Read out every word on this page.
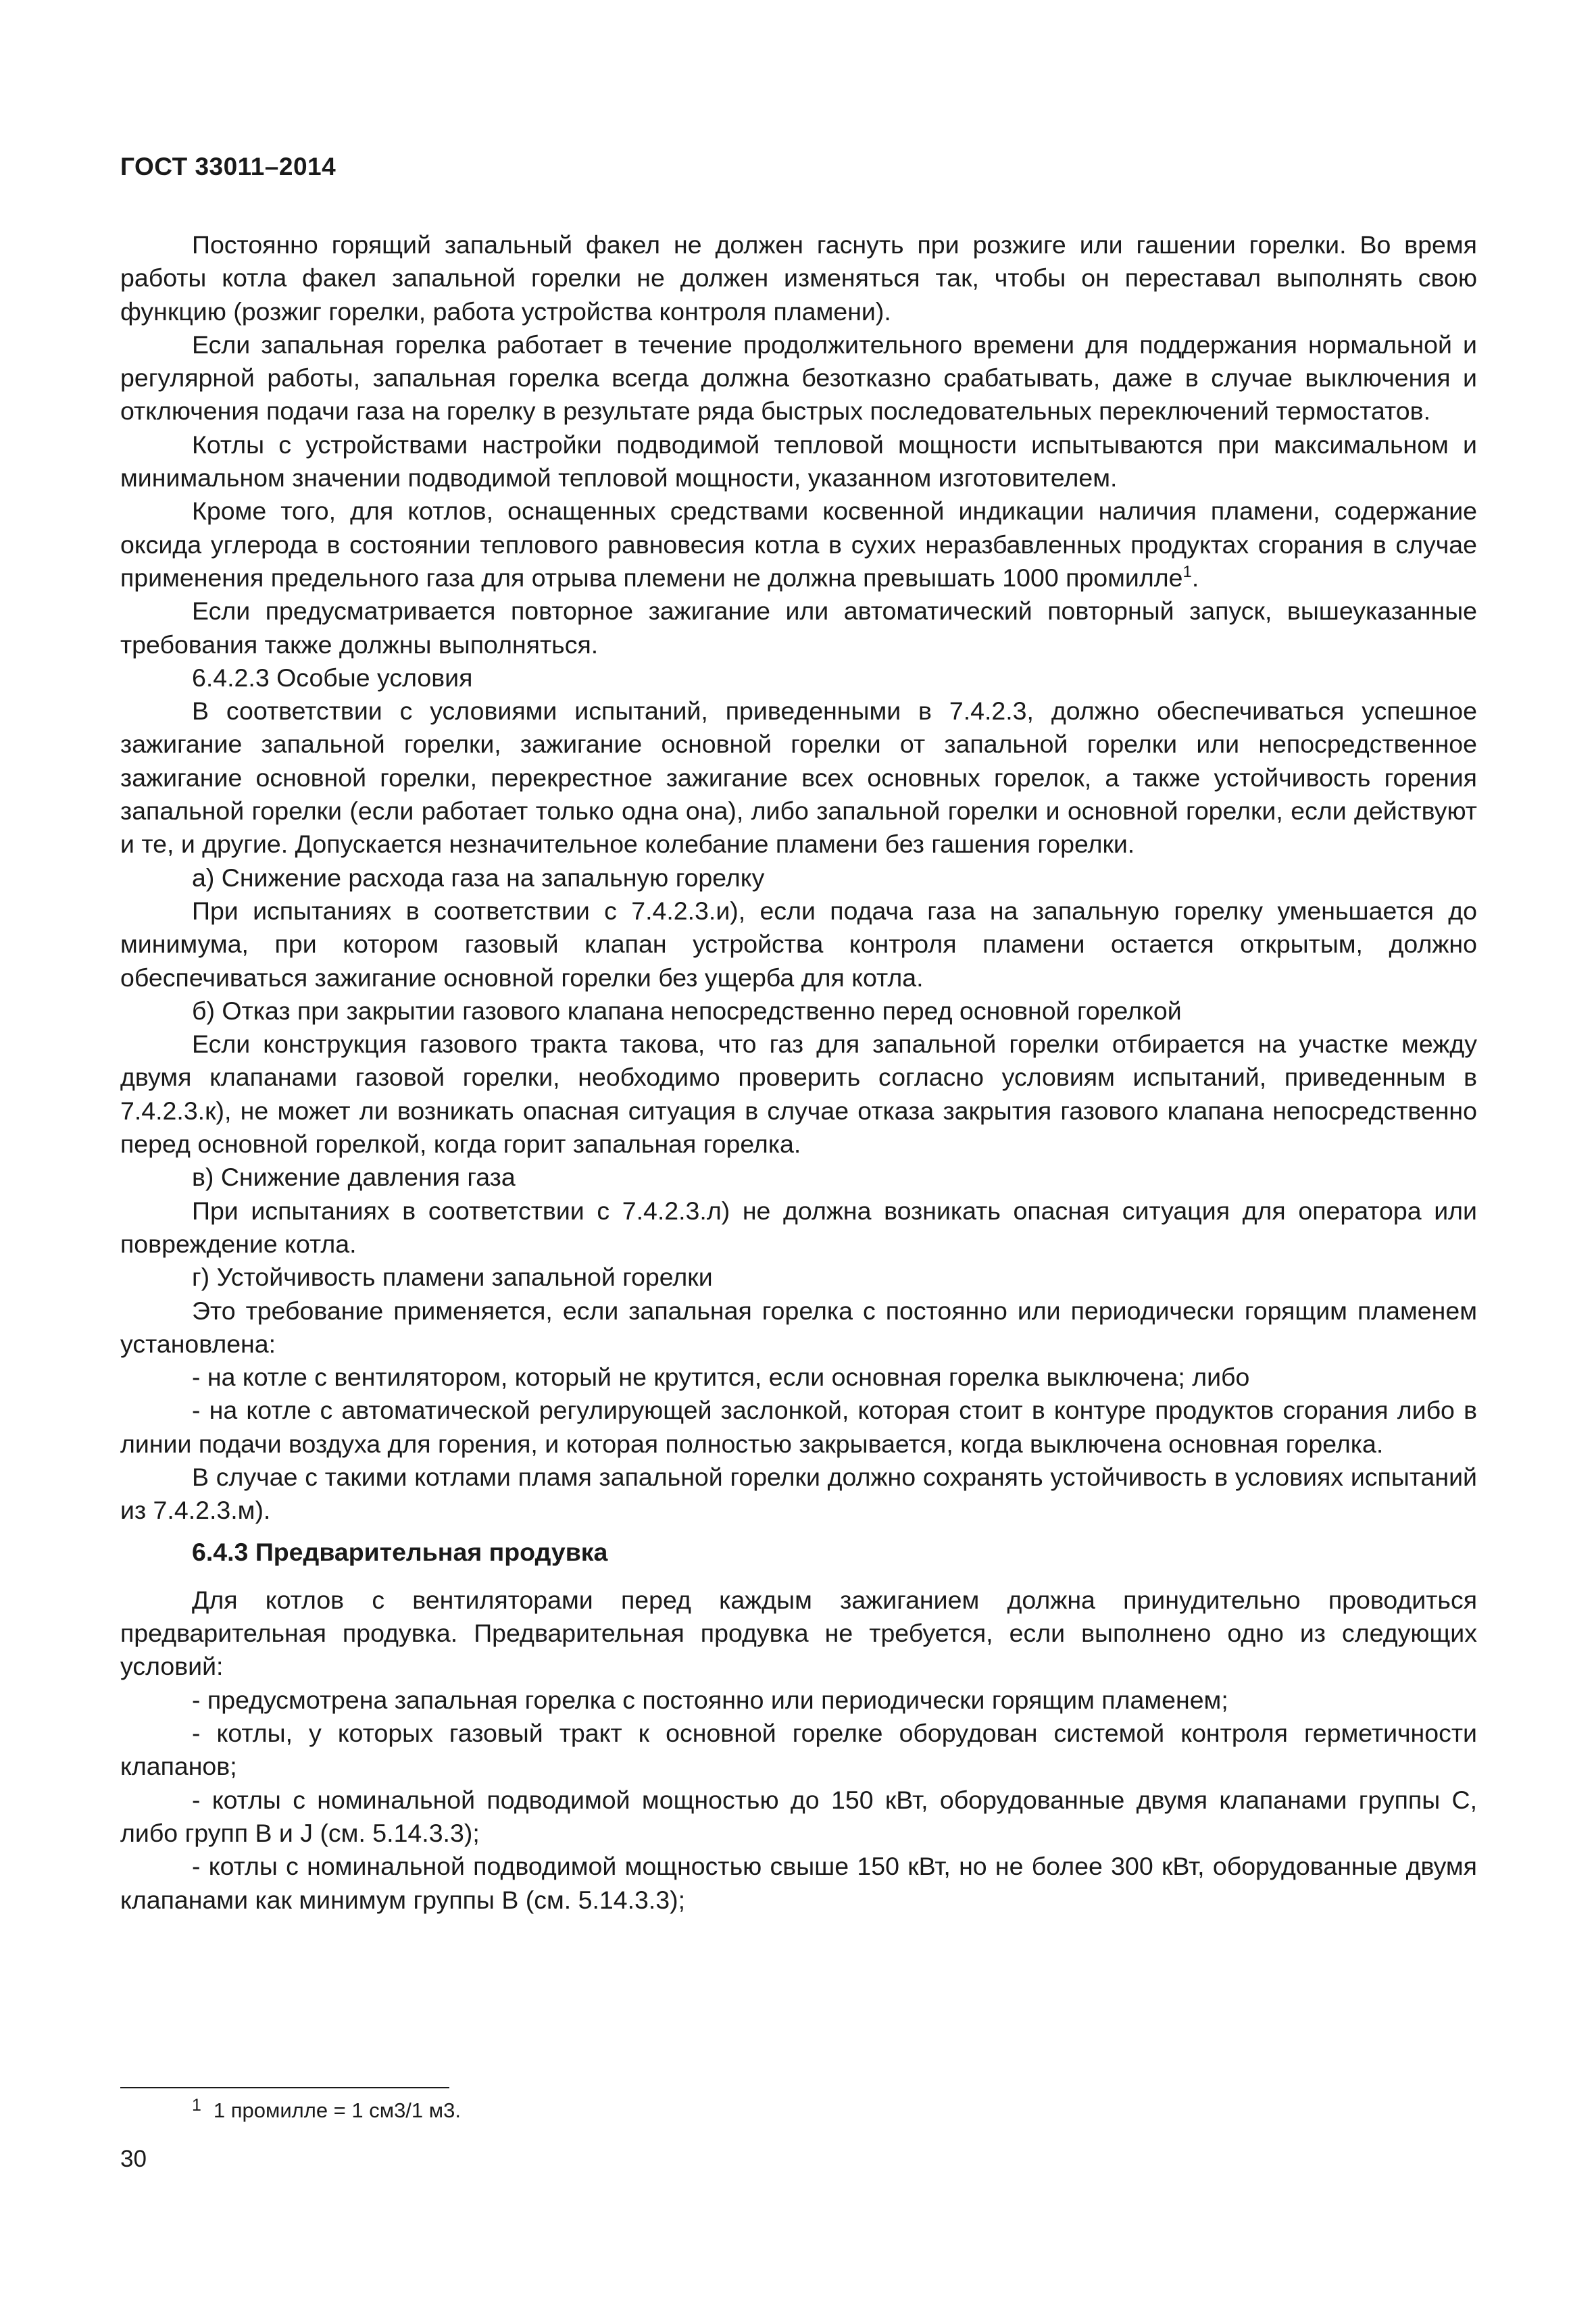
ГОСТ 33011–2014

Постоянно горящий запальный факел не должен гаснуть при розжиге или гашении горелки. Во время работы котла факел запальной горелки не должен изменяться так, чтобы он переставал выполнять свою функцию (розжиг горелки, работа устройства контроля пламени).

Если запальная горелка работает в течение продолжительного времени для поддержания нормальной и регулярной работы, запальная горелка всегда должна безотказно срабатывать, даже в случае выключения и отключения подачи газа на горелку в результате ряда быстрых последовательных переключений термостатов.

Котлы с устройствами настройки подводимой тепловой мощности испытываются при максимальном и минимальном значении подводимой тепловой мощности, указанном изготовителем.

Кроме того, для котлов, оснащенных средствами косвенной индикации наличия пламени, содержание оксида углерода в состоянии теплового равновесия котла в сухих неразбавленных продуктах сгорания в случае применения предельного газа для отрыва племени не должна превышать 1000 промилле$^1$.

Если предусматривается повторное зажигание или автоматический повторный запуск, вышеуказанные требования также должны выполняться.

6.4.2.3 Особые условия

В соответствии с условиями испытаний, приведенными в 7.4.2.3, должно обеспечиваться успешное зажигание запальной горелки, зажигание основной горелки от запальной горелки или непосредственное зажигание основной горелки, перекрестное зажигание всех основных горелок, а также устойчивость горения запальной горелки (если работает только одна она), либо запальной горелки и основной горелки, если действуют и те, и другие. Допускается незначительное колебание пламени без гашения горелки.

а) Снижение расхода газа на запальную горелку

При испытаниях в соответствии с 7.4.2.3.и), если подача газа на запальную горелку уменьшается до минимума, при котором газовый клапан устройства контроля пламени остается открытым, должно обеспечиваться зажигание основной горелки без ущерба для котла.

б) Отказ при закрытии газового клапана непосредственно перед основной горелкой

Если конструкция газового тракта такова, что газ для запальной горелки отбирается на участке между двумя клапанами газовой горелки, необходимо проверить согласно условиям испытаний, приведенным в 7.4.2.3.к), не может ли возникать опасная ситуация в случае отказа закрытия газового клапана непосредственно перед основной горелкой, когда горит запальная горелка.

в) Снижение давления газа

При испытаниях в соответствии с 7.4.2.3.л) не должна возникать опасная ситуация для оператора или повреждение котла.

г) Устойчивость пламени запальной горелки

Это требование применяется, если запальная горелка с постоянно или периодически горящим пламенем установлена:

- на котле с вентилятором, который не крутится, если основная горелка выключена; либо

- на котле с автоматической регулирующей заслонкой, которая стоит в контуре продуктов сгорания либо в линии подачи воздуха для горения, и которая полностью закрывается, когда выключена основная горелка.

В случае с такими котлами пламя запальной горелки должно сохранять устойчивость в условиях испытаний из 7.4.2.3.м).

6.4.3 Предварительная продувка

Для котлов с вентиляторами перед каждым зажиганием должна принудительно проводиться предварительная продувка. Предварительная продувка не требуется, если выполнено одно из следующих условий:

- предусмотрена запальная горелка с постоянно или периодически горящим пламенем;

- котлы, у которых газовый тракт к основной горелке оборудован системой контроля герметичности клапанов;

- котлы с номинальной подводимой мощностью до 150 кВт, оборудованные двумя клапанами группы С, либо групп В и J (см. 5.14.3.3);

- котлы с номинальной подводимой мощностью свыше 150 кВт, но не более 300 кВт, оборудованные двумя клапанами как минимум группы В (см. 5.14.3.3);

$^1$ 1 промилле = 1 см3/1 м3.
30
